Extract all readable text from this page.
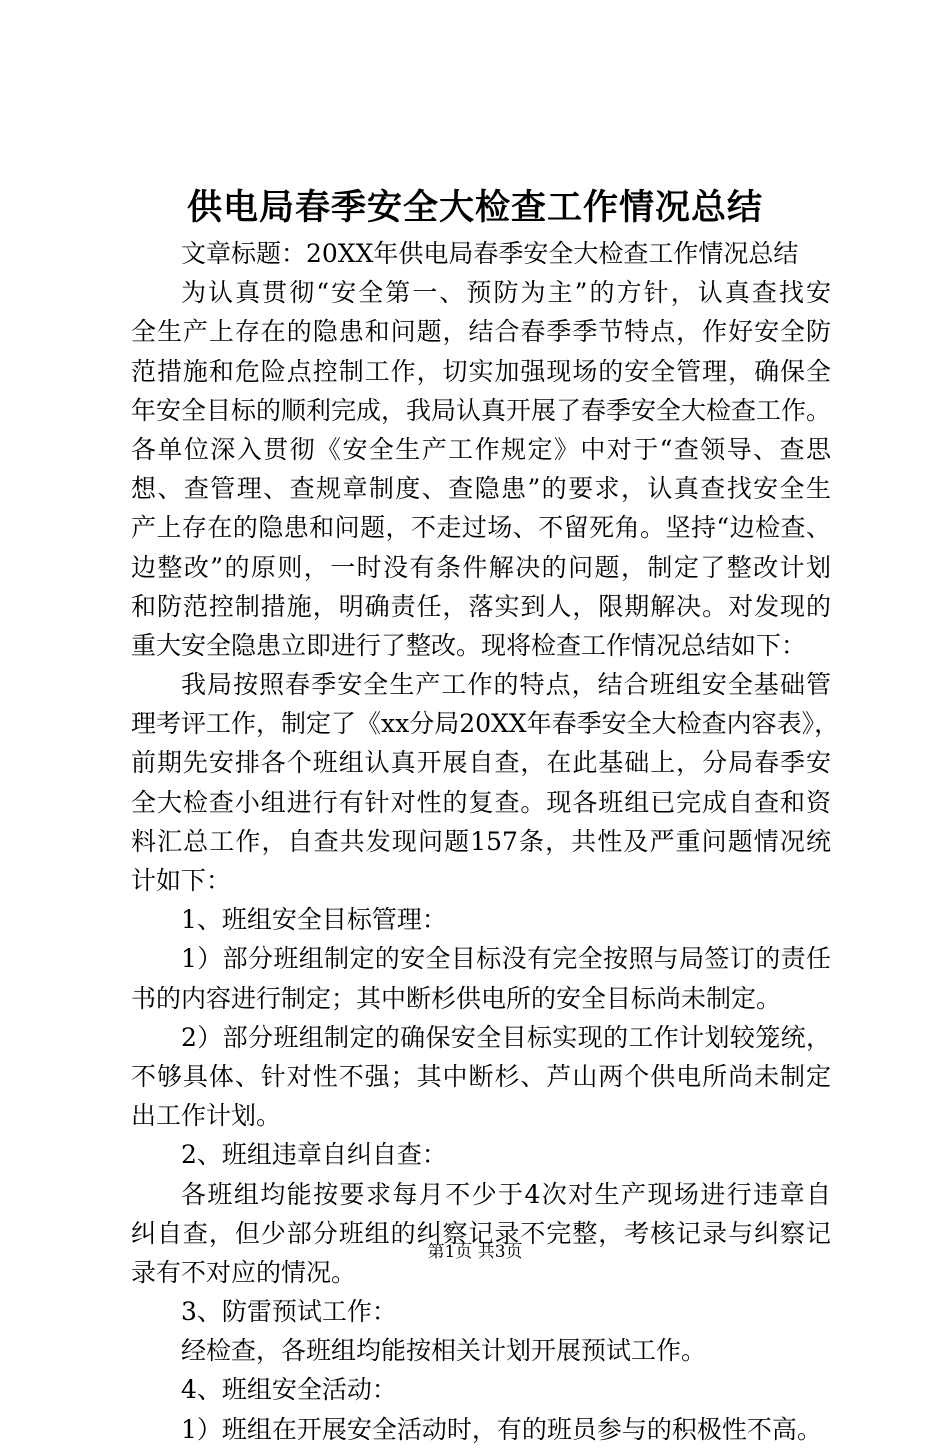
供电局春季安全大检查工作情况总结
文章标题：20XX年供电局春季安全大检查工作情况总结
为认真贯彻“安全第一、预防为主”的方针，认真查找安
全生产上存在的隐患和问题，结合春季季节特点，作好安全防
范措施和危险点控制工作，切实加强现场的安全管理，确保全
年安全目标的顺利完成，我局认真开展了春季安全大检查工作。
各单位深入贯彻《安全生产工作规定》中对于“查领导、查思
想、查管理、查规章制度、查隐患”的要求，认真查找安全生
产上存在的隐患和问题，不走过场、不留死角。坚持“边检查、
边整改”的原则，一时没有条件解决的问题，制定了整改计划
和防范控制措施，明确责任，落实到人，限期解决。对发现的
重大安全隐患立即进行了整改。现将检查工作情况总结如下：
我局按照春季安全生产工作的特点，结合班组安全基础管
理考评工作，制定了《xx分局20XX年春季安全大检查内容表》，
前期先安排各个班组认真开展自查，在此基础上，分局春季安
全大检查小组进行有针对性的复查。现各班组已完成自查和资
料汇总工作，自查共发现问题157条，共性及严重问题情况统
计如下：
1、班组安全目标管理：
1）部分班组制定的安全目标没有完全按照与局签订的责任
书的内容进行制定；其中断杉供电所的安全目标尚未制定。
2）部分班组制定的确保安全目标实现的工作计划较笼统，
不够具体、针对性不强；其中断杉、芦山两个供电所尚未制定
出工作计划。
2、班组违章自纠自查：
各班组均能按要求每月不少于4次对生产现场进行违章自
纠自查，但少部分班组的纠察记录不完整，考核记录与纠察记
录有不对应的情况。
3、防雷预试工作：
经检查，各班组均能按相关计划开展预试工作。
4、班组安全活动：
1）班组在开展安全活动时，有的班员参与的积极性不高。
第1页 共3页
